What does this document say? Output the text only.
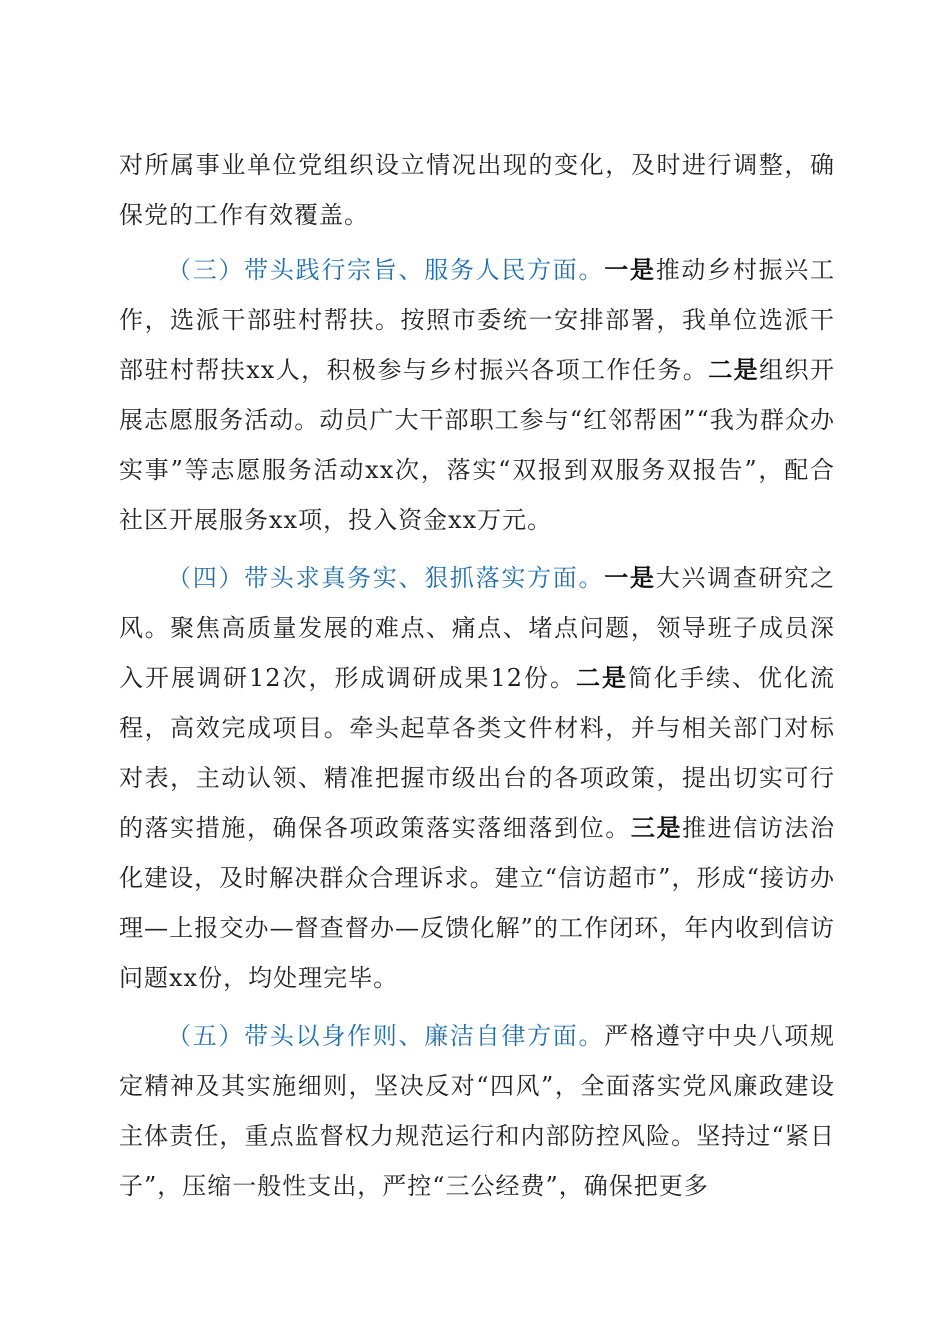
对所属事业单位党组织设立情况出现的变化，及时进行调整，确保党的工作有效覆盖。

（三）带头践行宗旨、服务人民方面。一是推动乡村振兴工作，选派干部驻村帮扶。按照市委统一安排部署，我单位选派干部驻村帮扶xx人，积极参与乡村振兴各项工作任务。二是组织开展志愿服务活动。动员广大干部职工参与“红邻帮困”“我为群众办实事”等志愿服务活动xx次，落实“双报到双服务双报告”，配合社区开展服务xx项，投入资金xx万元。

（四）带头求真务实、狠抓落实方面。一是大兴调查研究之风。聚焦高质量发展的难点、痛点、堵点问题，领导班子成员深入开展调研12次，形成调研成果12份。二是简化手续、优化流程，高效完成项目。牵头起草各类文件材料，并与相关部门对标对表，主动认领、精准把握市级出台的各项政策，提出切实可行的落实措施，确保各项政策落实落细落到位。三是推进信访法治化建设，及时解决群众合理诉求。建立“信访超市”，形成“接访办理—上报交办—督查督办—反馈化解”的工作闭环，年内收到信访问题xx份，均处理完毕。

（五）带头以身作则、廉洁自律方面。严格遵守中央八项规定精神及其实施细则，坚决反对“四风”，全面落实党风廉政建设主体责任，重点监督权力规范运行和内部防控风险。坚持过“紧日子”，压缩一般性支出，严控“三公经费”，确保把更多
